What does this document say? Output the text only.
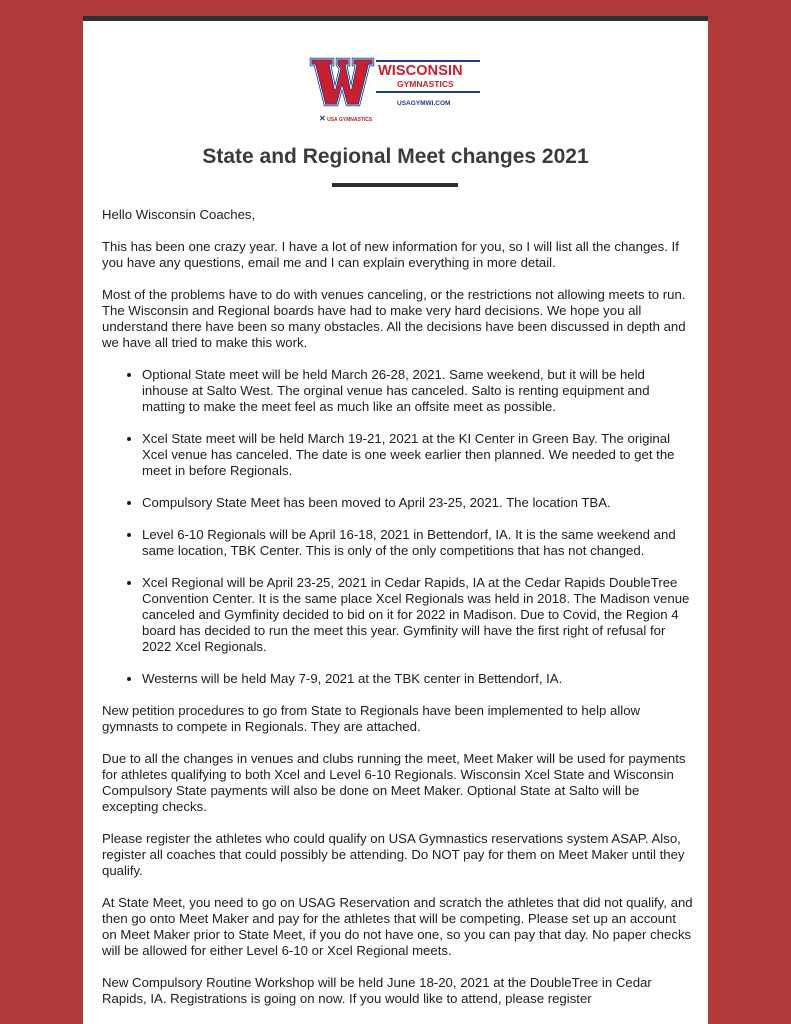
✕ USA GYMNASTICS
WISCONSIN
GYMNASTICS
USAGYMWI.COM
State and Regional Meet changes 2021

Hello Wisconsin Coaches,

This has been one crazy year. I have a lot of new information for you, so I will list all the changes. If you have any questions, email me and I can explain everything in more detail.

Most of the problems have to do with venues canceling, or the restrictions not allowing meets to run. The Wisconsin and Regional boards have had to make very hard decisions. We hope you all understand there have been so many obstacles. All the decisions have been discussed in depth and we have all tried to make this work.

• Optional State meet will be held March 26-28, 2021. Same weekend, but it will be held inhouse at Salto West. The orginal venue has canceled. Salto is renting equipment and matting to make the meet feel as much like an offsite meet as possible.
• Xcel State meet will be held March 19-21, 2021 at the KI Center in Green Bay. The original Xcel venue has canceled. The date is one week earlier then planned. We needed to get the meet in before Regionals.
• Compulsory State Meet has been moved to April 23-25, 2021. The location TBA.
• Level 6-10 Regionals will be April 16-18, 2021 in Bettendorf, IA. It is the same weekend and same location, TBK Center. This is only of the only competitions that has not changed.
• Xcel Regional will be April 23-25, 2021 in Cedar Rapids, IA at the Cedar Rapids DoubleTree Convention Center. It is the same place Xcel Regionals was held in 2018. The Madison venue canceled and Gymfinity decided to bid on it for 2022 in Madison. Due to Covid, the Region 4 board has decided to run the meet this year. Gymfinity will have the first right of refusal for 2022 Xcel Regionals.
• Westerns will be held May 7-9, 2021 at the TBK center in Bettendorf, IA.

New petition procedures to go from State to Regionals have been implemented to help allow gymnasts to compete in Regionals. They are attached.

Due to all the changes in venues and clubs running the meet, Meet Maker will be used for payments for athletes qualifying to both Xcel and Level 6-10 Regionals. Wisconsin Xcel State and Wisconsin Compulsory State payments will also be done on Meet Maker. Optional State at Salto will be excepting checks.

Please register the athletes who could qualify on USA Gymnastics reservations system ASAP. Also, register all coaches that could possibly be attending. Do NOT pay for them on Meet Maker until they qualify.

At State Meet, you need to go on USAG Reservation and scratch the athletes that did not qualify, and then go onto Meet Maker and pay for the athletes that will be competing. Please set up an account on Meet Maker prior to State Meet, if you do not have one, so you can pay that day. No paper checks will be allowed for either Level 6-10 or Xcel Regional meets.

New Compulsory Routine Workshop will be held June 18-20, 2021 at the DoubleTree in Cedar Rapids, IA. Registrations is going on now. If you would like to attend, please register
